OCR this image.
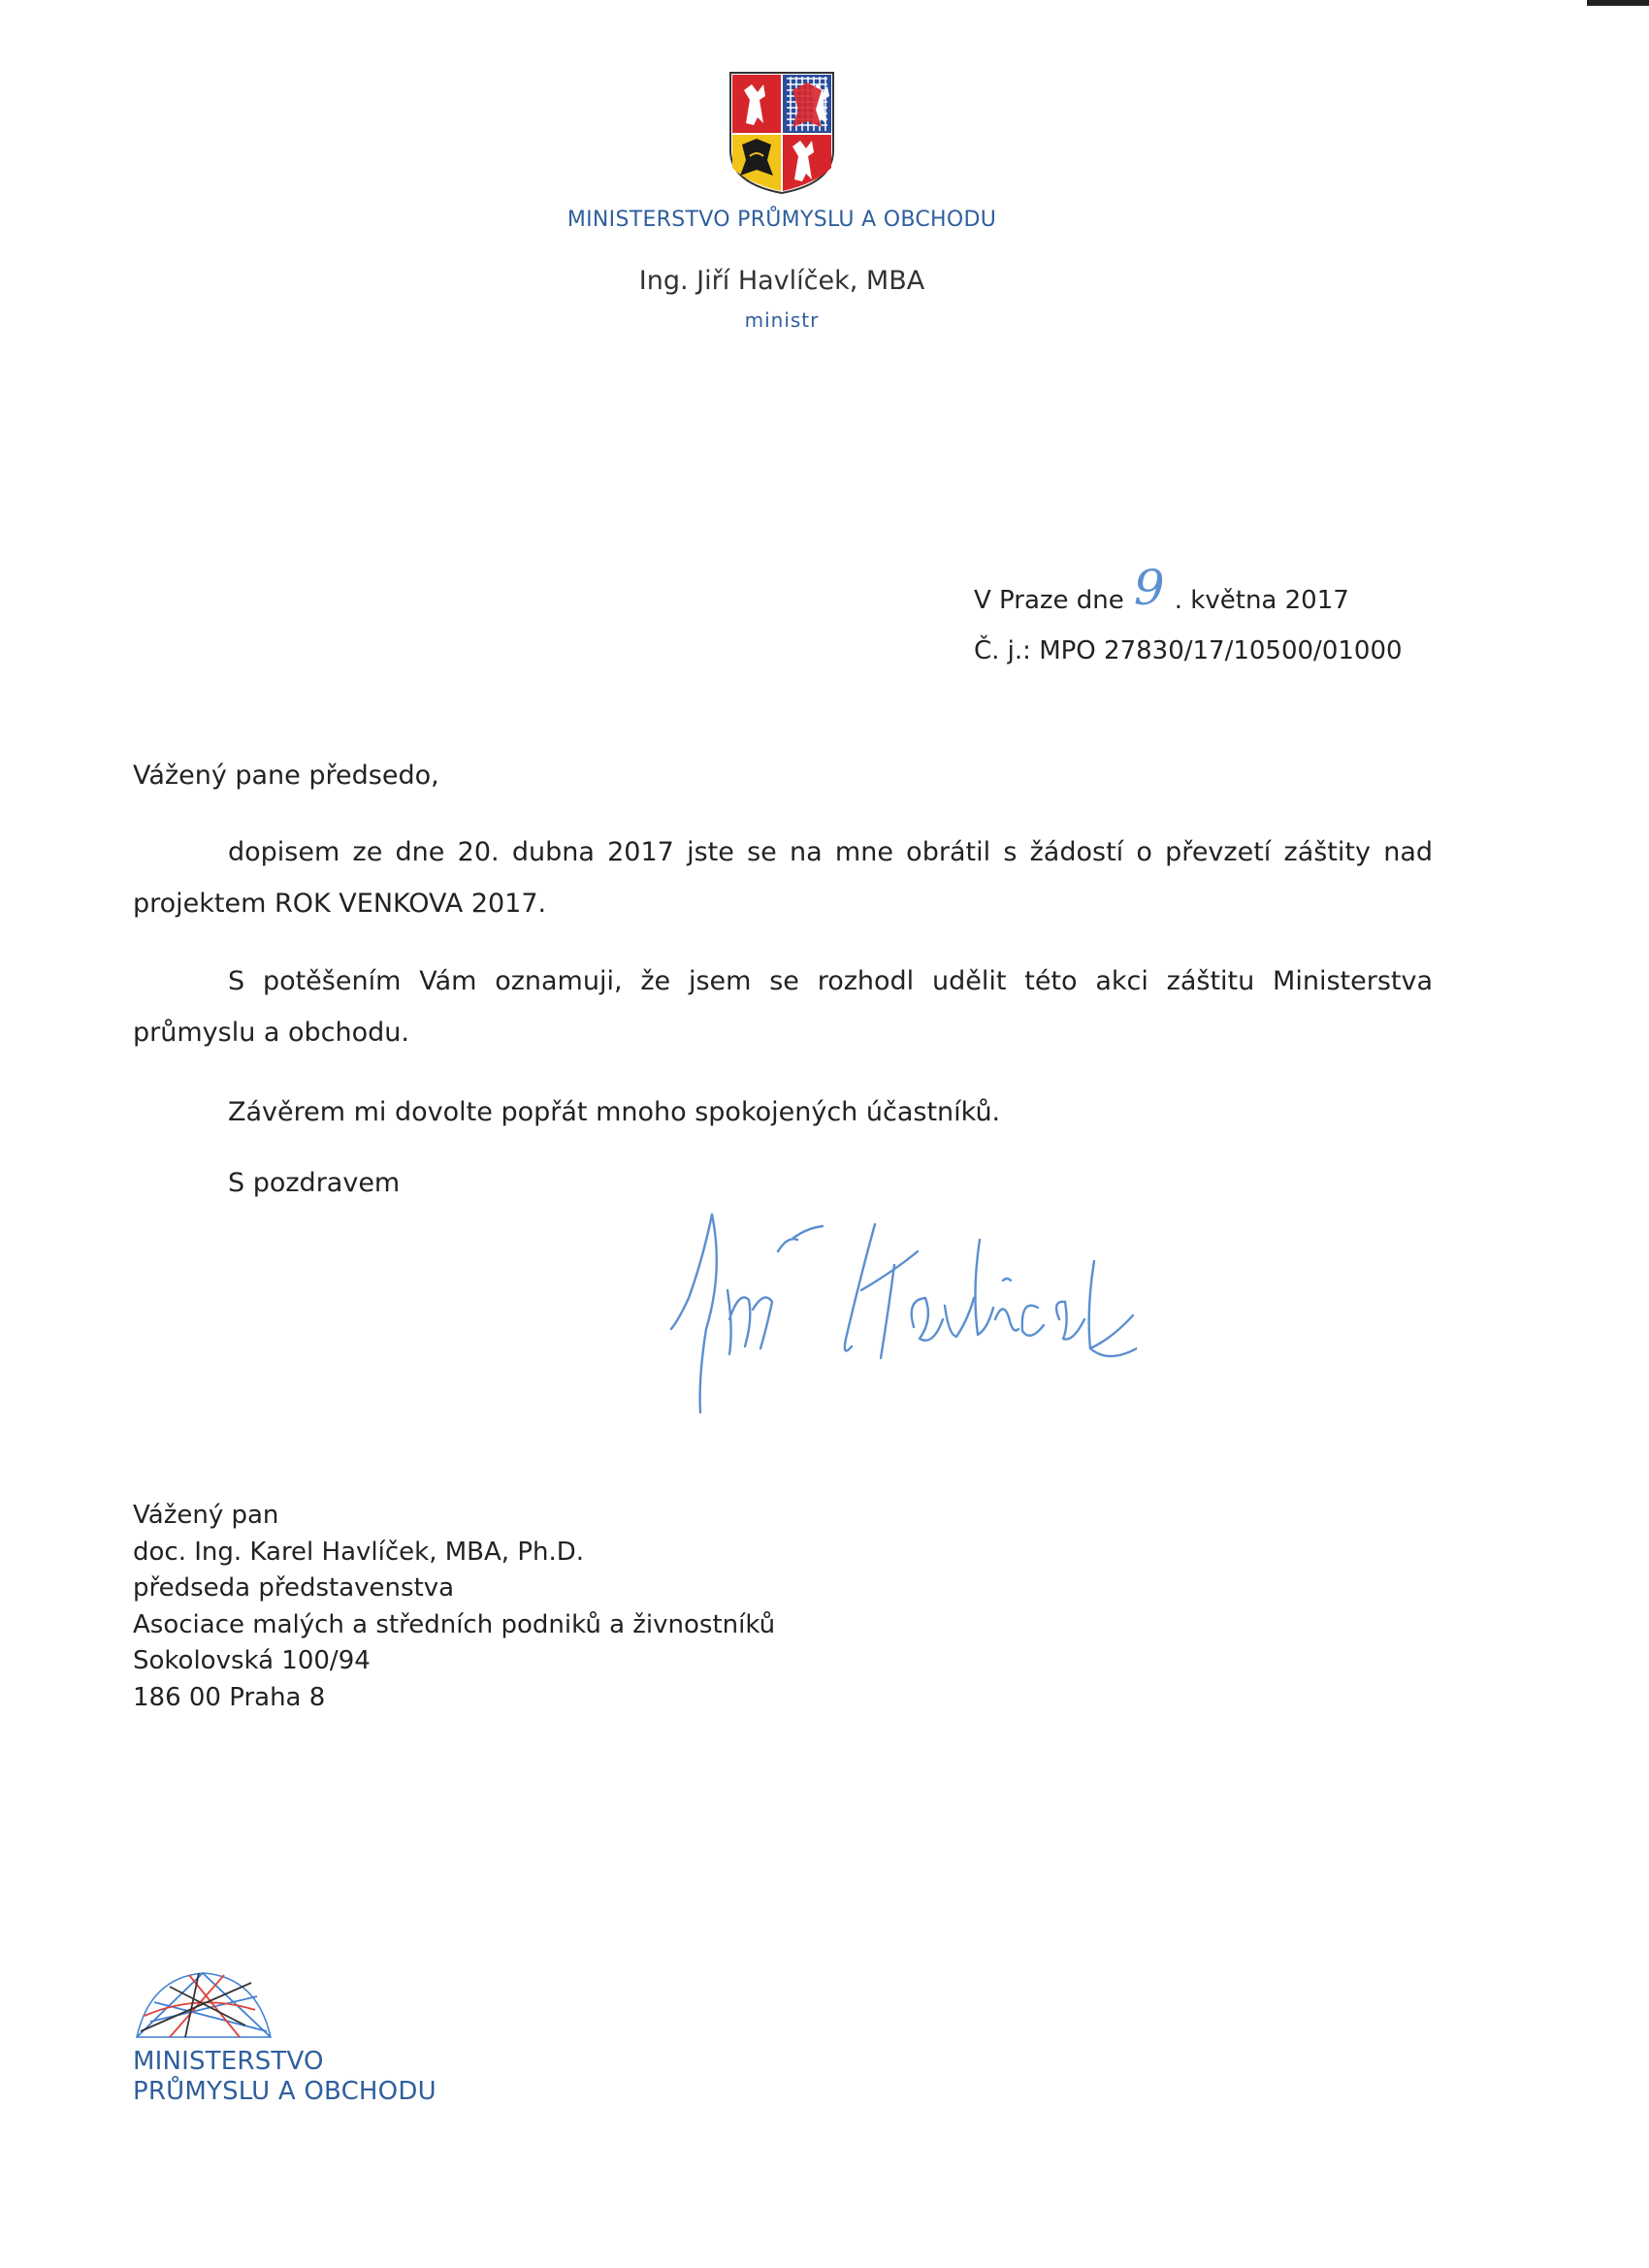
MINISTERSTVO PRŮMYSLU A OBCHODU
Ing. Jiří Havlíček, MBA
ministr
V Praze dne 9 . května 2017
Č. j.: MPO 27830/17/10500/01000
Vážený pane předsedo,
dopisem ze dne 20. dubna 2017 jste se na mne obrátil s žádostí o převzetí záštity nad projektem ROK VENKOVA 2017.
S potěšením Vám oznamuji, že jsem se rozhodl udělit této akci záštitu Ministerstva průmyslu a obchodu.
Závěrem mi dovolte popřát mnoho spokojených účastníků.
S pozdravem
Vážený pan
doc. Ing. Karel Havlíček, MBA, Ph.D.
předseda představenstva
Asociace malých a středních podniků a živnostníků
Sokolovská 100/94
186 00 Praha 8
MINISTERSTVO
PRŮMYSLU A OBCHODU
